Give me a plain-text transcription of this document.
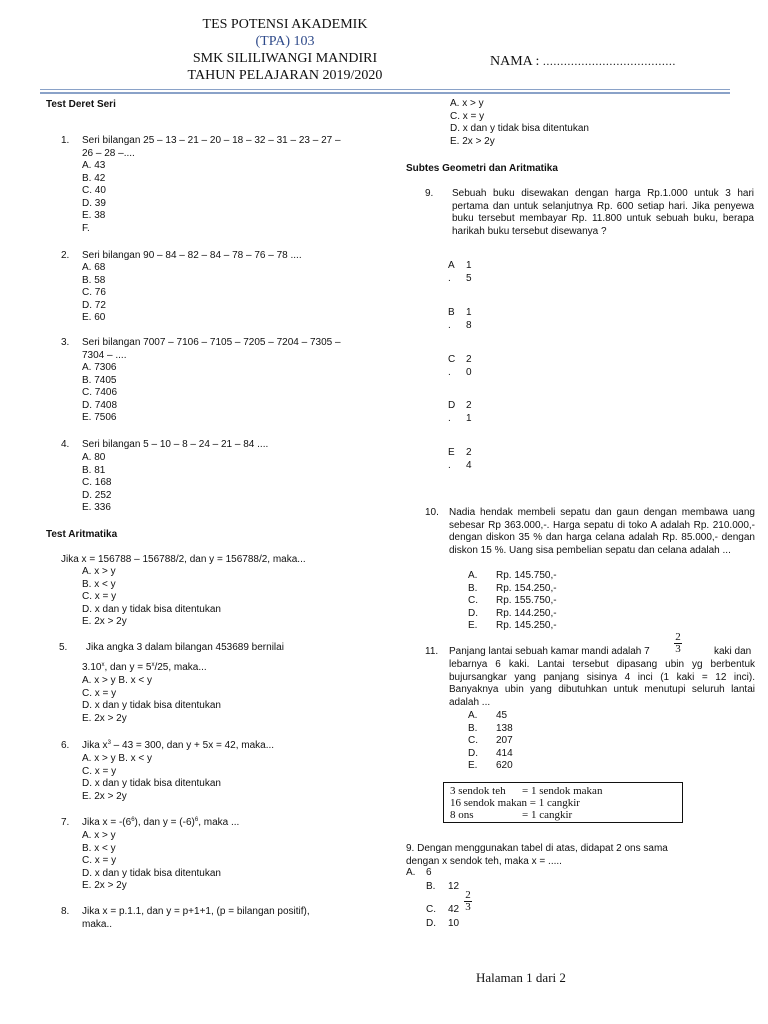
TES POTENSI AKADEMIK
(TPA) 103
SMK SILILIWANGI MANDIRI
TAHUN PELAJARAN 2019/2020
NAMA : ......................................
Test Deret Seri
1. Seri bilangan 25 – 13 – 21 – 20 – 18 – 32 – 31 – 23 – 27 –
26 – 28 –....
A. 43
B. 42
C. 40
D. 39
E. 38
F.
2. Seri bilangan 90 – 84 – 82 – 84 – 78 – 76 – 78 ....
A. 68
B. 58
C. 76
D. 72
E. 60
3. Seri bilangan 7007 – 7106 – 7105 – 7205 – 7204 – 7305 –
7304 – ....
A. 7306
B. 7405
C. 7406
D. 7408
E. 7506
4. Seri bilangan 5 – 10 – 8 – 24 – 21 – 84 ....
A. 80
B. 81
C. 168
D. 252
E. 336
Test Aritmatika
Jika x = 156788 – 156788/2, dan y = 156788/2, maka...
A. x > y
B. x < y
C. x = y
D. x dan y tidak bisa ditentukan
E. 2x > 2y
5. Jika angka 3 dalam bilangan 453689 bernilai
3.10$^x$, dan $y = 5^x/25$, maka...
A. x > y B. x < y
C. x = y
D. x dan y tidak bisa ditentukan
E. 2x > 2y
6. Jika $x^3 - 43 = 300$, dan y + 5x = 42, maka...
A. x > y B. x < y
C. x = y
D. x dan y tidak bisa ditentukan
E. 2x > 2y
7. Jika $x = -(6^6)$, dan $y = (-6)^6$, maka ...
A. x > y
B. x < y
C. x = y
D. x dan y tidak bisa ditentukan
E. 2x > 2y
8. Jika x = p.1.1, dan y = p+1+1, (p = bilangan positif),
maka..
A. x > y
C. x = y
D. x dan y tidak bisa ditentukan
E. 2x > 2y
Subtes Geometri dan Aritmatika
9. Sebuah buku disewakan dengan harga Rp.1.000 untuk 3 hari pertama dan untuk selanjutnya Rp. 600 setiap hari. Jika penyewa buku tersebut membayar Rp. 11.800 untuk sebuah buku, berapa harikah buku tersebut disewanya ?
A 1
. 5
B 1
. 8
C 2
. 0
D 2
. 1
E 2
. 4
10. Nadia hendak membeli sepatu dan gaun dengan membawa uang sebesar Rp 363.000,-. Harga sepatu di toko A adalah Rp. 210.000,- dengan diskon 35 % dan harga celana adalah Rp. 85.000,- dengan diskon 15 %. Uang sisa pembelian sepatu dan celana adalah ...
A. Rp. 145.750,-
B. Rp. 154.250,-
C. Rp. 155.750,-
D. Rp. 144.250,-
E. Rp. 145.250,-
11. Panjang lantai sebuah kamar mandi adalah 7
2
3	kaki dan
lebarnya 6 kaki. Lantai tersebut dipasang ubin yg berbentuk bujursangkar yang panjang sisinya 4 inci (1 kaki = 12 inci). Banyaknya ubin yang dibutuhkan untuk menutupi seluruh lantai adalah ...
A. 45
B. 138
C. 207
D. 414
E. 620
3 sendok teh = 1 sendok makan
16 sendok makan = 1 cangkir
8 ons	= 1 cangkir
9. Dengan menggunakan tabel di atas, didapat 2 ons sama
dengan x sendok teh, maka x = .....
A. 6
B. 12
C. 42
2
3
D. 10
Halaman 1 dari 2
